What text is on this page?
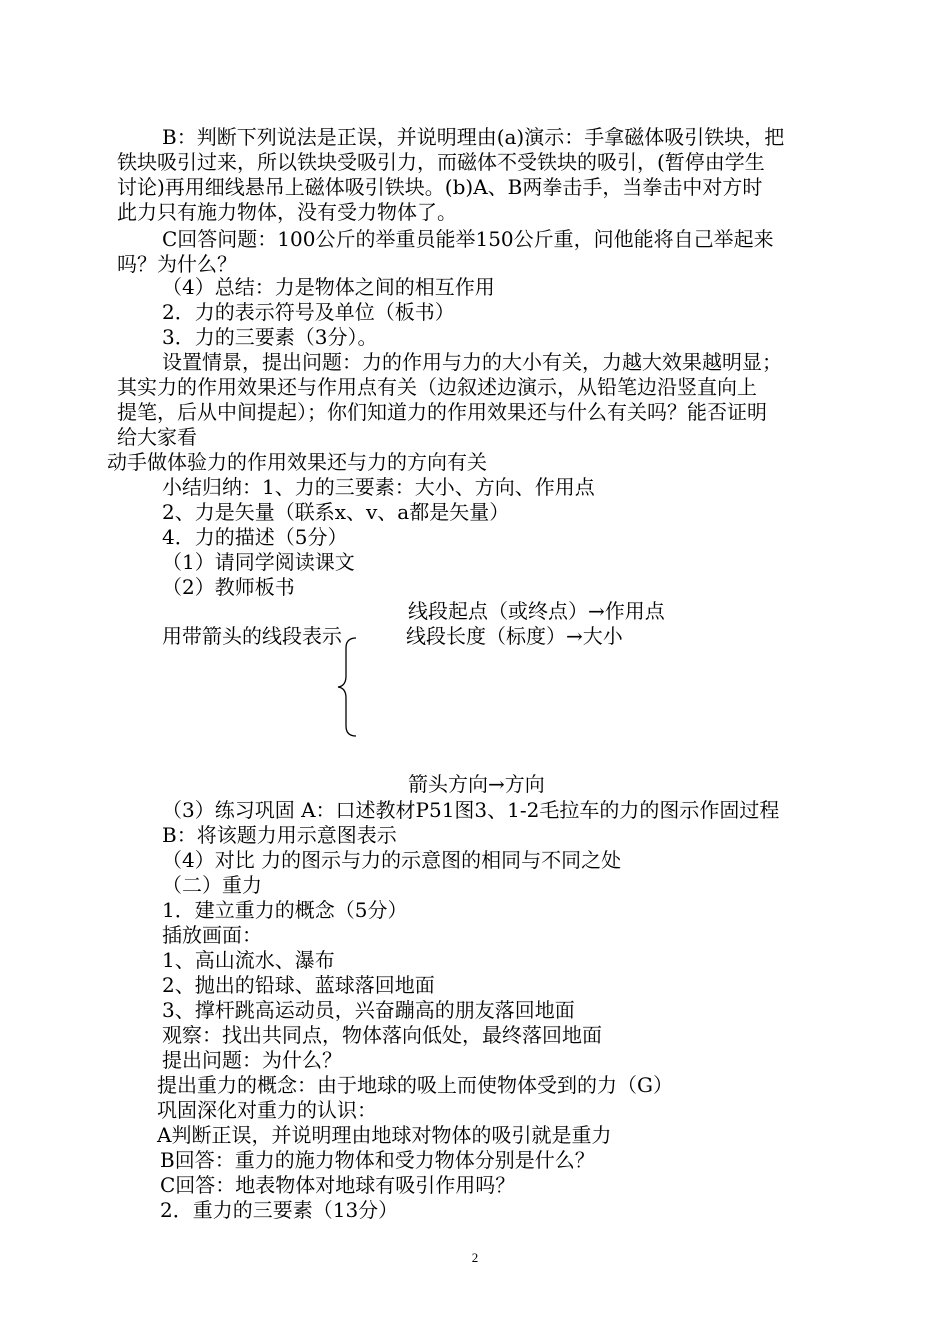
B：判断下列说法是正误，并说明理由(a)演示：手拿磁体吸引铁块，把
铁块吸引过来，所以铁块受吸引力，而磁体不受铁块的吸引，(暂停由学生
讨论)再用细线悬吊上磁体吸引铁块。(b)A、B两拳击手，当拳击中对方时
此力只有施力物体，没有受力物体了。
C回答问题：100公斤的举重员能举150公斤重，问他能将自己举起来
吗？为什么？
（4）总结：力是物体之间的相互作用
2．力的表示符号及单位（板书）
3．力的三要素（3分）。
设置情景，提出问题：力的作用与力的大小有关，力越大效果越明显；
其实力的作用效果还与作用点有关（边叙述边演示，从铅笔边沿竖直向上
提笔，后从中间提起）；你们知道力的作用效果还与什么有关吗？能否证明
给大家看
动手做体验力的作用效果还与力的方向有关
小结归纳：1、力的三要素：大小、方向、作用点
2、力是矢量（联系x、v、a都是矢量）
4．力的描述（5分）
（1）请同学阅读课文
（2）教师板书
线段起点（或终点）→作用点
用带箭头的线段表示	线段长度（标度）→大小
箭头方向→方向
（3）练习巩固 A：口述教材P51图3、1-2毛拉车的力的图示作固过程
B：将该题力用示意图表示
（4）对比 力的图示与力的示意图的相同与不同之处
（二）重力
1．建立重力的概念（5分）
插放画面：
1、高山流水、瀑布
2、抛出的铅球、蓝球落回地面
3、撑杆跳高运动员，兴奋蹦高的朋友落回地面
观察：找出共同点，物体落向低处，最终落回地面
提出问题：为什么？
提出重力的概念：由于地球的吸上而使物体受到的力（G）
巩固深化对重力的认识：
A判断正误，并说明理由地球对物体的吸引就是重力
B回答：重力的施力物体和受力物体分别是什么？
C回答：地表物体对地球有吸引作用吗？
2．重力的三要素（13分）
2
